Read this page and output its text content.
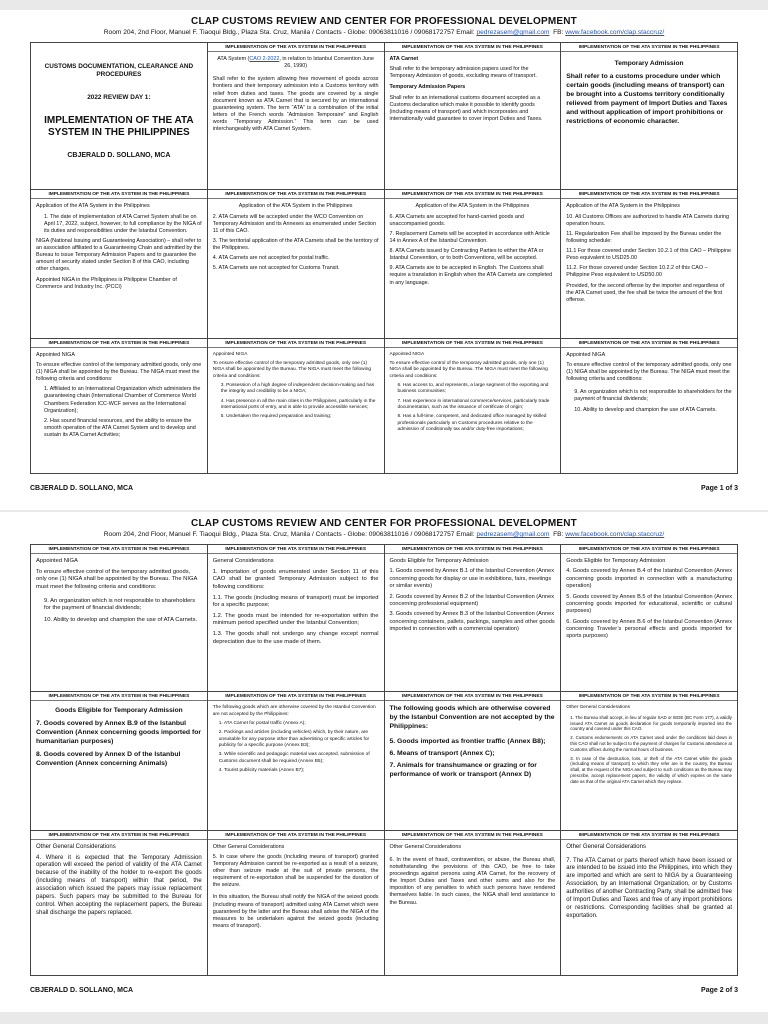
CLAP CUSTOMS REVIEW AND CENTER FOR PROFESSIONAL DEVELOPMENT
Room 204, 2nd Floor, Manuel F. Tiaoqui Bldg., Plaza Sta. Cruz, Manila / Contacts - Globe: 09063811016 / 09068172757 Email: pedrezasem@gmail.com FB: www.facebook.com/clap.staccruz/
CUSTOMS DOCUMENTATION, CLEARANCE AND PROCEDURES
2022 REVIEW DAY 1:
IMPLEMENTATION OF THE ATA SYSTEM IN THE PHILIPPINES
CBJERALD D. SOLLANO, MCA
IMPLEMENTATION OF THE ATA SYSTEM IN THE PHILIPPINES
ATA System (CAO 2-2022, in relation to Istanbul Convention June 26, 1990)
Shall refer to the system allowing free movement of goods across frontiers and their temporary admission into a Customs territory with relief from duties and taxes. The goods are covered by a single document known as ATA Carnet that is secured by an international guaranteeing system. The term “ATA” is a combination of the initial letters of the French words “Admission Temporaire” and English words “Temporary Admission.” This term can be used interchangeably with ATA Carnet System.
IMPLEMENTATION OF THE ATA SYSTEM IN THE PHILIPPINES
ATA Carnet
Shall refer to the temporary admission papers used for the Temporary Admission of goods, excluding means of transport.
Temporary Admission Papers
Shall refer to an international customs document accepted as a Customs declaration which make it possible to identify goods (including means of transport) and which incorporates and internationally valid guarantee to cover import Duties and Taxes.
IMPLEMENTATION OF THE ATA SYSTEM IN THE PHILIPPINES
Temporary Admission
Shall refer to a customs procedure under which certain goods (including means of transport) can be brought into a Customs territory conditionally relieved from payment of Import Duties and Taxes and without application of import prohibitions or restrictions of economic character.
IMPLEMENTATION OF THE ATA SYSTEM IN THE PHILIPPINES
Application of the ATA System in the Philippines
1. The date of implementation of ATA Carnet System shall be on April 17, 2022, subject, however, to full compliance by the NIGA of its duties and responsibilities under the Istanbul Convention.
NIGA (National Issuing and Guaranteeing Association) – shall refer to an association affiliated to a Guaranteeing Chain and admitted by the Bureau to issue Temporary Admission Papers and to guarantee the amount of security stated under Section 8 of this CAO, including other charges.
Appointed NIGA in the Philippines is Philippine Chamber of Commerce and Industry Inc. (PCCI)
IMPLEMENTATION OF THE ATA SYSTEM IN THE PHILIPPINES
Application of the ATA System in the Philippines
2. ATA Carnets will be accepted under the WCO Convention on Temporary Admission and its Annexes as enumerated under Section 11 of this CAO.
3. The territorial application of the ATA Carnets shall be the territory of the Philippines.
4. ATA Carnets are not accepted for postal traffic.
5. ATA Carnets are not accepted for Customs Transit.
IMPLEMENTATION OF THE ATA SYSTEM IN THE PHILIPPINES
Application of the ATA System in the Philippines
6. ATA Carnets are accepted for hand-carried goods and unaccompanied goods.
7. Replacement Carnets will be accepted in accordance with Article 14 in Annex A of the Istanbul Convention.
8. ATA Carnets issued by Contracting Parties to either the ATA or Istanbul Convention, or to both Conventions, will be accepted.
9. ATA Carnets are to be accepted in English. The Customs shall require a translation in English when the ATA Carnets are completed in any language.
IMPLEMENTATION OF THE ATA SYSTEM IN THE PHILIPPINES
Application of the ATA System in the Philippines
10. All Customs Offices are authorized to handle ATA Carnets during operation hours.
11. Regularization Fee shall be imposed by the Bureau under the following schedule:
11.1 For those covered under Section 10.2.1 of this CAO – Philippine Peso equivalent to USD25.00
11.2. For those covered under Section 10.2.2 of this CAO – Philippine Peso equivalent to USD50.00
Provided, for the second offense by the importer and regardless of the ATA Carnet used, the fee shall be twice the amount of the first offense.
IMPLEMENTATION OF THE ATA SYSTEM IN THE PHILIPPINES
Appointed NIGA
To ensure effective control of the temporary admitted goods, only one (1) NIGA shall be appointed by the Bureau. The NIGA must meet the following criteria and conditions:
1. Affiliated to an International Organization which administers the guaranteeing chain (International Chamber of Commerce World Chambers Federation ICC-WCF serves as the International Organization);
2. Has sound financial resources, and the ability to ensure the smooth operation of the ATA Carnet System and to develop and sustain its ATA Carnet Activities;
IMPLEMENTATION OF THE ATA SYSTEM IN THE PHILIPPINES
Appointed NIGA
To ensure effective control of the temporary admitted goods, only one (1) NIGA shall be appointed by the Bureau. The NIGA must meet the following criteria and conditions:
3. Possession of a high degree of independent decision-making and has the integrity and credibility to be a NIGA;
4. Has presence in all the main cities in the Philippines, particularly in the international ports of entry, and is able to provide accessible services;
5. Undertaken the required preparation and training;
IMPLEMENTATION OF THE ATA SYSTEM IN THE PHILIPPINES
Appointed NIGA
To ensure effective control of the temporary admitted goods, only one (1) NIGA shall be appointed by the Bureau. The NIGA must meet the following criteria and conditions:
6. Has access to, and represents, a large segment of the exporting and business communities;
7. Has experience in international commerce/services, particularly trade documentation, such as the issuance of certificate of origin;
8. Has a full-time, competent, and dedicated office managed by skilled professionals particularly on Customs procedures relative to the admission of conditionally tax and/or duty-free importations;
IMPLEMENTATION OF THE ATA SYSTEM IN THE PHILIPPINES
Appointed NIGA
To ensure effective control of the temporary admitted goods, only one (1) NIGA shall be appointed by the Bureau. The NIGA must meet the following criteria and conditions:
9. An organization which is not responsible to shareholders for the payment of financial dividends;
10. Ability to develop and champion the use of ATA Carnets.
CBJERALD D. SOLLANO, MCA	Page 1 of 3
CLAP CUSTOMS REVIEW AND CENTER FOR PROFESSIONAL DEVELOPMENT
Room 204, 2nd Floor, Manuel F. Tiaoqui Bldg., Plaza Sta. Cruz, Manila / Contacts - Globe: 09063811016 / 09068172757 Email: pedrezasem@gmail.com FB: www.facebook.com/clap.staccruz/
IMPLEMENTATION OF THE ATA SYSTEM IN THE PHILIPPINES
Appointed NIGA
To ensure effective control of the temporary admitted goods, only one (1) NIGA shall be appointed by the Bureau. The NIGA must meet the following criteria and conditions:
9. An organization which is not responsible to shareholders for the payment of financial dividends;
10. Ability to develop and champion the use of ATA Carnets.
IMPLEMENTATION OF THE ATA SYSTEM IN THE PHILIPPINES
General Considerations
1. Importation of goods enumerated under Section 11 of this CAO shall be granted Temporary Admission subject to the following conditions:
1.1. The goods (including means of transport) must be imported for a specific purpose;
1.2. The goods must be intended for re-exportation within the minimum period specified under the Istanbul Convention;
1.3. The goods shall not undergo any change except normal depreciation due to the use made of them.
IMPLEMENTATION OF THE ATA SYSTEM IN THE PHILIPPINES
Goods Eligible for Temporary Admission
1. Goods covered by Annex B.1 of the Istanbul Convention (Annex concerning goods for display or use in exhibitions, fairs, meetings or similar events)
2. Goods covered by Annex B.2 of the Istanbul Convention (Annex concerning professional equipment)
3. Goods covered by Annex B.3 of the Istanbul Convention (Annex concerning containers, pallets, packings, samples and other goods imported in connection with a commercial operation)
IMPLEMENTATION OF THE ATA SYSTEM IN THE PHILIPPINES
Goods Eligible for Temporary Admission
4. Goods covered by Annex B.4 of the Istanbul Convention (Annex concerning goods imported in connection with a manufacturing operation)
5. Goods covered by Annex B.5 of the Istanbul Convention (Annex concerning goods imported for educational, scientific or cultural purposes)
6. Goods covered by Annex B.6 of the Istanbul Convention (Annex concerning Traveler’s personal effects and goods imported for sports purposes)
IMPLEMENTATION OF THE ATA SYSTEM IN THE PHILIPPINES
Goods Eligible for Temporary Admission
7. Goods covered by Annex B.9 of the Istanbul Convention (Annex concerning goods imported for humanitarian purposes)
8. Goods covered by Annex D of the Istanbul Convention (Annex concerning Animals)
IMPLEMENTATION OF THE ATA SYSTEM IN THE PHILIPPINES
The following goods which are otherwise covered by the Istanbul Convention are not accepted by the Philippines:
1. ATA Carnet for postal traffic (Annex A);
2. Packings and articles (including vehicles) which, by their nature, are unsuitable for any purpose other than advertising or specific articles for publicity for a specific purpose (Annex B3);
3. While scientific and pedagogic material was accepted, submission of Customs document shall be required (Annex B5);
4. Tourist publicity materials (Annex B7);
IMPLEMENTATION OF THE ATA SYSTEM IN THE PHILIPPINES
The following goods which are otherwise covered by the Istanbul Convention are not accepted by the Philippines:
5. Goods imported as frontier traffic (Annex B8);
6. Means of transport (Annex C);
7. Animals for transhumance or grazing or for performance of work or transport (Annex D)
IMPLEMENTATION OF THE ATA SYSTEM IN THE PHILIPPINES
Other General Considerations
1. The Bureau shall accept, in lieu of regular SAD or IEDE (BC Form 177), a validly issued ATA Carnet as goods declaration for goods temporarily imported into the country and covered under this CAO.
2. Customs endorsements on ATA Carnet used under the conditions laid down in this CAO shall not be subject to the payment of charges for Customs attendance at Customs offices during the normal hours of business.
3. In case of the destruction, loss, or theft of the ATA Carnet while the goods (including means of transport) to which they refer are in the country, the Bureau shall, at the request of the NIGA and subject to such conditions as the Bureau may prescribe, accept replacement papers, the validity of which expires on the same date as that of the original ATA Carnet which they replace.
IMPLEMENTATION OF THE ATA SYSTEM IN THE PHILIPPINES
Other General Considerations
4. Where it is expected that the Temporary Admission operation will exceed the period of validity of the ATA Carnet because of the inability of the holder to re-export the goods (including means of transport) within that period, the association which issued the papers may issue replacement papers. Such papers may be submitted to the Bureau for control. When accepting the replacement papers, the Bureau shall discharge the papers replaced.
IMPLEMENTATION OF THE ATA SYSTEM IN THE PHILIPPINES
Other General Considerations
5. In case where the goods (including means of transport) granted Temporary Admission cannot be re-exported as a result of a seizure, other than seizure made at the suit of private persons, the requirement of re-exportation shall be suspended for the duration of the seizure.
In this situation, the Bureau shall notify the NIGA of the seized goods (including means of transport) admitted using ATA Carnet which were guaranteed by the latter and the Bureau shall advise the NIGA of the measures to be undertaken against the seized goods (including means of transport).
IMPLEMENTATION OF THE ATA SYSTEM IN THE PHILIPPINES
Other General Considerations
6. In the event of fraud, contravention, or abuse, the Bureau shall, notwithstanding the provisions of this CAO, be free to take proceedings against persons using ATA Carnet, for the recovery of the Import Duties and Taxes and other sums and also for the imposition of any penalties to which such persons have rendered themselves liable. In such cases, the NIGA shall lend assistance to the Bureau.
IMPLEMENTATION OF THE ATA SYSTEM IN THE PHILIPPINES
Other General Considerations
7. The ATA Carnet or parts thereof which have been issued or are intended to be issued into the Philippines, into which they are imported and which are sent to NIGA by a Guaranteeing Association, by an International Organization, or by Customs authorities of another Contracting Party, shall be admitted free of Import Duties and Taxes and free of any import prohibitions or restrictions. Corresponding facilities shall be granted at exportation.
CBJERALD D. SOLLANO, MCA	Page 2 of 3
